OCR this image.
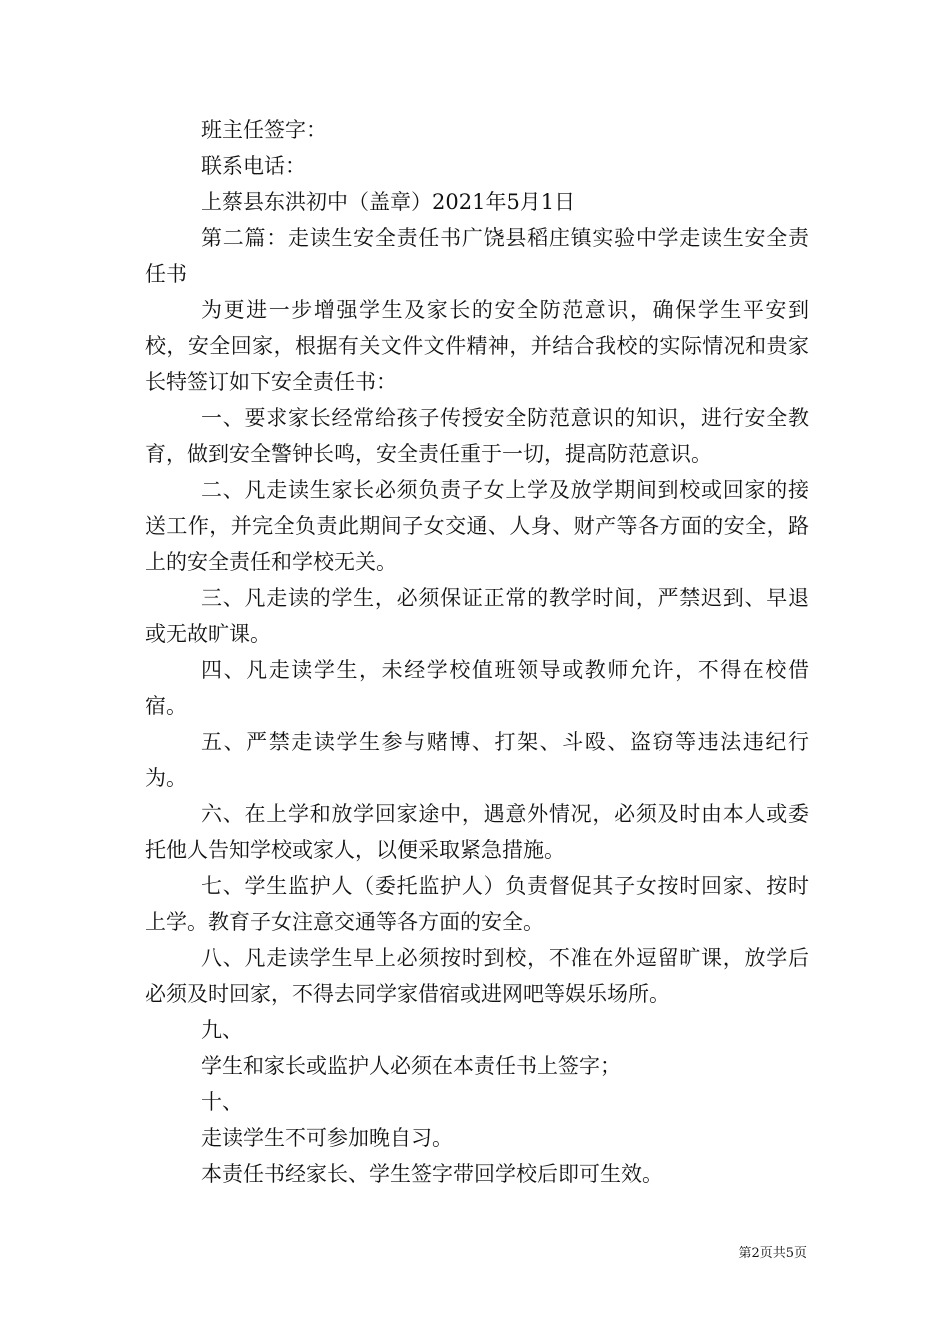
班主任签字：

联系电话：

上蔡县东洪初中（盖章）2021年5月1日

第二篇：走读生安全责任书广饶县稻庄镇实验中学走读生安全责任书

为更进一步增强学生及家长的安全防范意识，确保学生平安到校，安全回家，根据有关文件文件精神，并结合我校的实际情况和贵家长特签订如下安全责任书：

一、要求家长经常给孩子传授安全防范意识的知识，进行安全教育，做到安全警钟长鸣，安全责任重于一切，提高防范意识。

二、凡走读生家长必须负责子女上学及放学期间到校或回家的接送工作，并完全负责此期间子女交通、人身、财产等各方面的安全，路上的安全责任和学校无关。

三、凡走读的学生，必须保证正常的教学时间，严禁迟到、早退或无故旷课。

四、凡走读学生，未经学校值班领导或教师允许，不得在校借宿。

五、严禁走读学生参与赌博、打架、斗殴、盗窃等违法违纪行为。

六、在上学和放学回家途中，遇意外情况，必须及时由本人或委托他人告知学校或家人，以便采取紧急措施。

七、学生监护人（委托监护人）负责督促其子女按时回家、按时上学。教育子女注意交通等各方面的安全。

八、凡走读学生早上必须按时到校，不准在外逗留旷课，放学后必须及时回家，不得去同学家借宿或进网吧等娱乐场所。

九、

学生和家长或监护人必须在本责任书上签字；

十、

走读学生不可参加晚自习。

本责任书经家长、学生签字带回学校后即可生效。

第2页共5页
